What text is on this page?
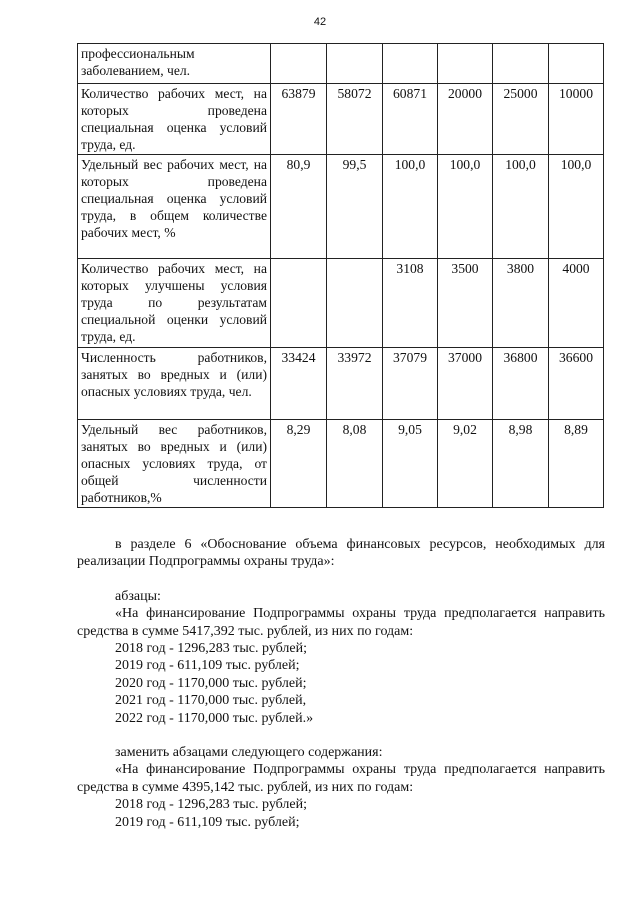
42
профессиональным заболеванием, чел.						
Количество рабочих мест, на которых проведена специальная оценка условий труда, ед.	63879	58072	60871	20000	25000	10000
Удельный вес рабочих мест, на которых проведена специальная оценка условий труда, в общем количестве рабочих мест, %	80,9	99,5	100,0	100,0	100,0	100,0
Количество рабочих мест, на которых улучшены условия труда по результатам специальной оценки условий труда, ед.			3108	3500	3800	4000
Численность работников, занятых во вредных и (или) опасных условиях труда, чел.	33424	33972	37079	37000	36800	36600
Удельный вес работников, занятых во вредных и (или) опасных условиях труда, от общей численности работников,%	8,29	8,08	9,05	9,02	8,98	8,89

в разделе 6 «Обоснование объема финансовых ресурсов, необходимых для реализации Подпрограммы охраны труда»:

абзацы:

«На финансирование Подпрограммы охраны труда предполагается направить средства в сумме 5417,392 тыс. рублей, из них по годам:

2018 год - 1296,283 тыс. рублей;

2019 год - 611,109 тыс. рублей;

2020 год - 1170,000 тыс. рублей;

2021 год - 1170,000 тыс. рублей,

2022 год - 1170,000 тыс. рублей.»

заменить абзацами следующего содержания:

«На финансирование Подпрограммы охраны труда предполагается направить средства в сумме 4395,142 тыс. рублей, из них по годам:

2018 год - 1296,283 тыс. рублей;

2019 год - 611,109 тыс. рублей;
